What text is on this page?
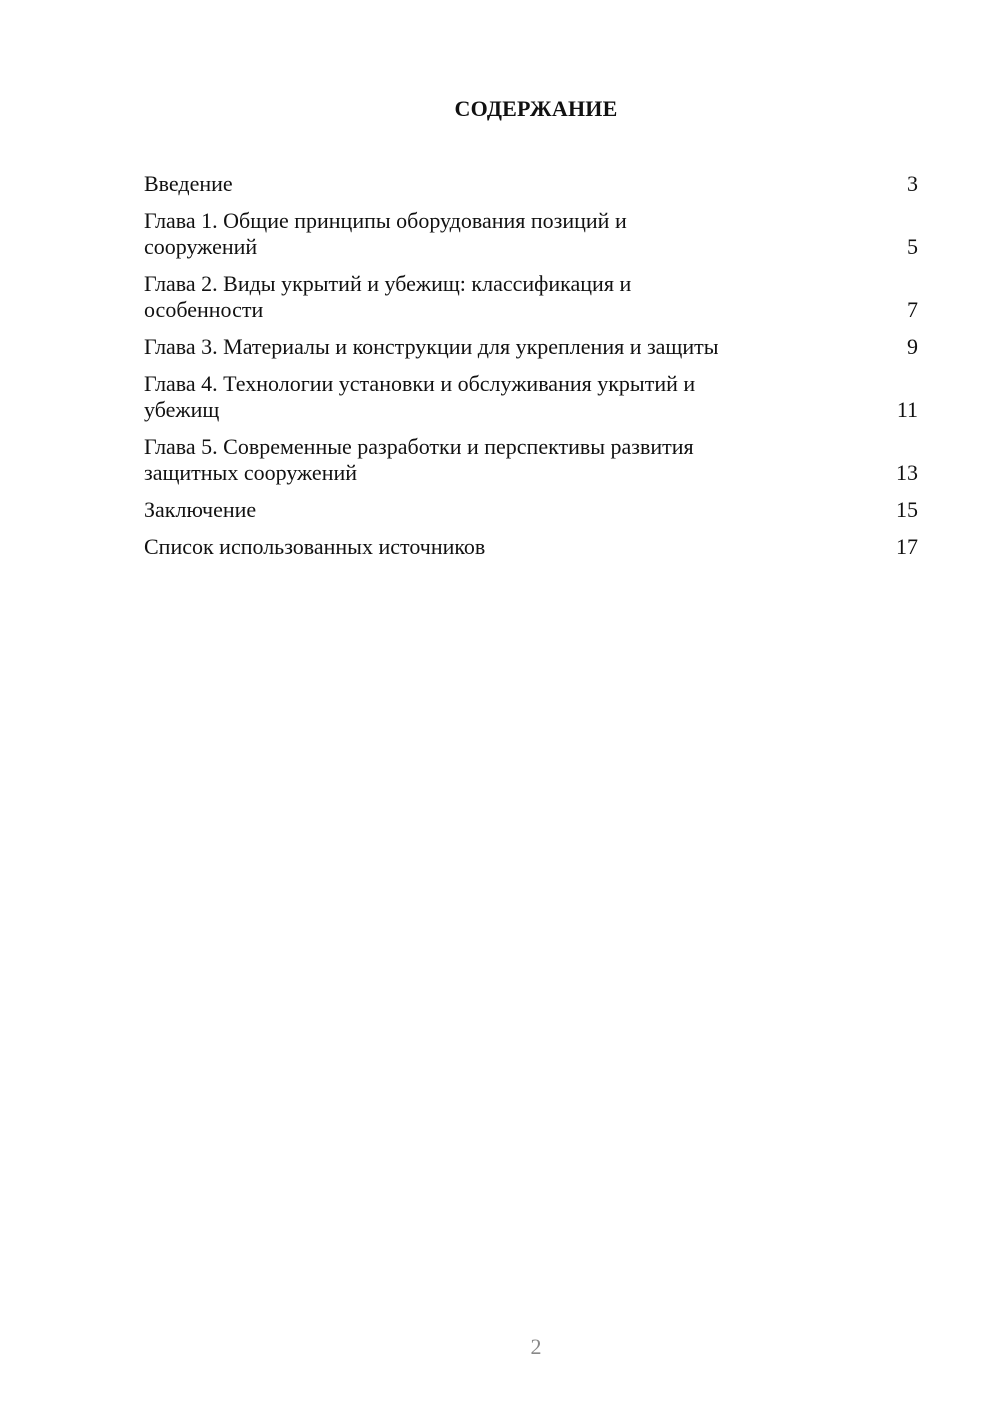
СОДЕРЖАНИЕ
Введение	3
Глава 1. Общие принципы оборудования позиций и
сооружений	5
Глава 2. Виды укрытий и убежищ: классификация и
особенности	7
Глава 3. Материалы и конструкции для укрепления и защиты	9
Глава 4. Технологии установки и обслуживания укрытий и
убежищ	11
Глава 5. Современные разработки и перспективы развития
защитных сооружений	13
Заключение	15
Список использованных источников	17
2
